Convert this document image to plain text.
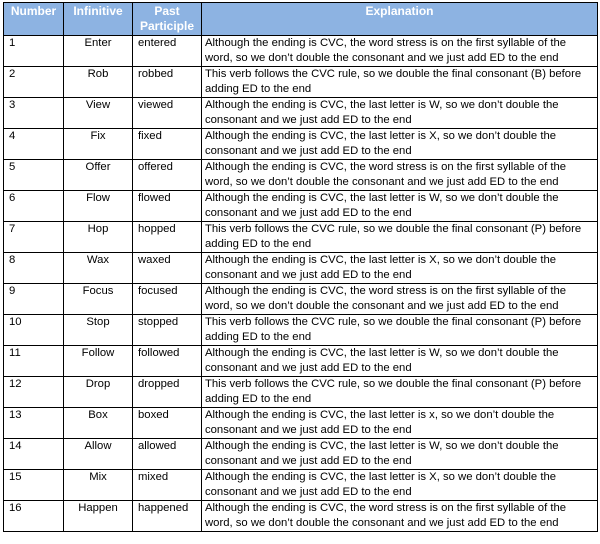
Number	Infinitive	Past Participle	Explanation
1	Enter	entered	Although the ending is CVC, the word stress is on the first syllable of the word, so we don’t double the consonant and we just add ED to the end
2	Rob	robbed	This verb follows the CVC rule, so we double the final consonant (B) before adding ED to the end
3	View	viewed	Although the ending is CVC, the last letter is W, so we don’t double the consonant and we just add ED to the end
4	Fix	fixed	Although the ending is CVC, the last letter is X, so we don’t double the consonant and we just add ED to the end
5	Offer	offered	Although the ending is CVC, the word stress is on the first syllable of the word, so we don’t double the consonant and we just add ED to the end
6	Flow	flowed	Although the ending is CVC, the last letter is W, so we don’t double the consonant and we just add ED to the end
7	Hop	hopped	This verb follows the CVC rule, so we double the final consonant (P) before adding ED to the end
8	Wax	waxed	Although the ending is CVC, the last letter is X, so we don’t double the consonant and we just add ED to the end
9	Focus	focused	Although the ending is CVC, the word stress is on the first syllable of the word, so we don’t double the consonant and we just add ED to the end
10	Stop	stopped	This verb follows the CVC rule, so we double the final consonant (P) before adding ED to the end
11	Follow	followed	Although the ending is CVC, the last letter is W, so we don’t double the consonant and we just add ED to the end
12	Drop	dropped	This verb follows the CVC rule, so we double the final consonant (P) before adding ED to the end
13	Box	boxed	Although the ending is CVC, the last letter is x, so we don’t double the consonant and we just add ED to the end
14	Allow	allowed	Although the ending is CVC, the last letter is W, so we don’t double the consonant and we just add ED to the end
15	Mix	mixed	Although the ending is CVC, the last letter is X, so we don’t double the consonant and we just add ED to the end
16	Happen	happened	Although the ending is CVC, the word stress is on the first syllable of the word, so we don’t double the consonant and we just add ED to the end
